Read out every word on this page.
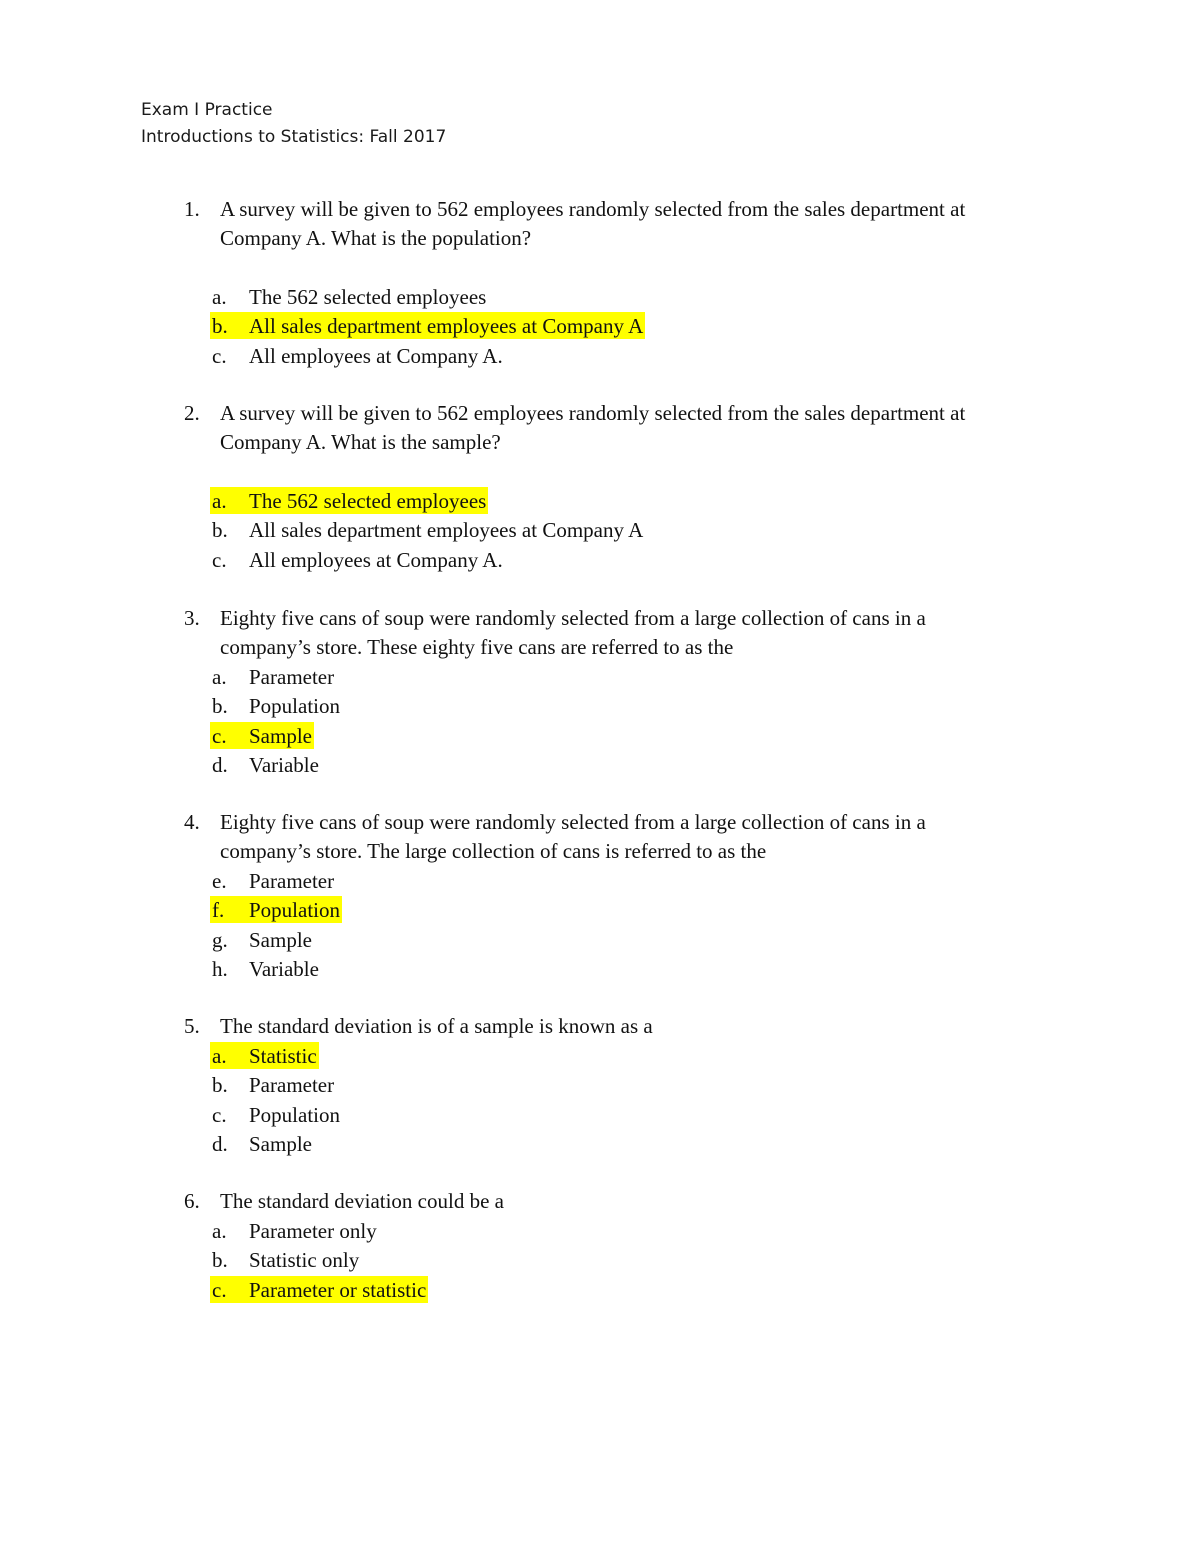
Exam I Practice
Introductions to Statistics: Fall 2017
1. A survey will be given to 562 employees randomly selected from the sales department at
Company A. What is the population?
a. The 562 selected employees
b. All sales department employees at Company A
c. All employees at Company A.
2. A survey will be given to 562 employees randomly selected from the sales department at
Company A. What is the sample?
a. The 562 selected employees
b. All sales department employees at Company A
c. All employees at Company A.
3. Eighty five cans of soup were randomly selected from a large collection of cans in a
company’s store. These eighty five cans are referred to as the
a. Parameter
b. Population
c. Sample
d. Variable
4. Eighty five cans of soup were randomly selected from a large collection of cans in a
company’s store. The large collection of cans is referred to as the
e. Parameter
f. Population
g. Sample
h. Variable
5. The standard deviation is of a sample is known as a
a. Statistic
b. Parameter
c. Population
d. Sample
6. The standard deviation could be a
a. Parameter only
b. Statistic only
c. Parameter or statistic
